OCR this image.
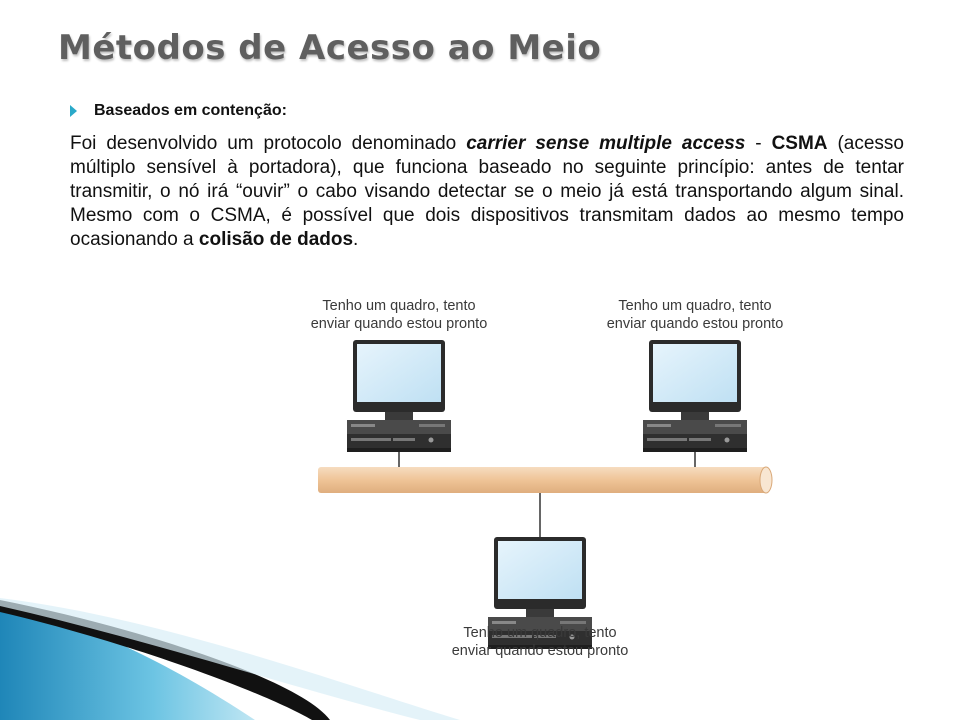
Métodos de Acesso ao Meio
Baseados em contenção:

Foi desenvolvido um protocolo denominado carrier sense multiple access - CSMA (acesso múltiplo sensível à portadora), que funciona baseado no seguinte princípio: antes de tentar transmitir, o nó irá “ouvir” o cabo visando detectar se o meio já está transportando algum sinal. Mesmo com o CSMA, é possível que dois dispositivos transmitam dados ao mesmo tempo ocasionando a colisão de dados.

Tenho um quadro, tento
enviar quando estou pronto
Tenho um quadro, tento
enviar quando estou pronto
Tenho um quadro, tento
enviar quando estou pronto
